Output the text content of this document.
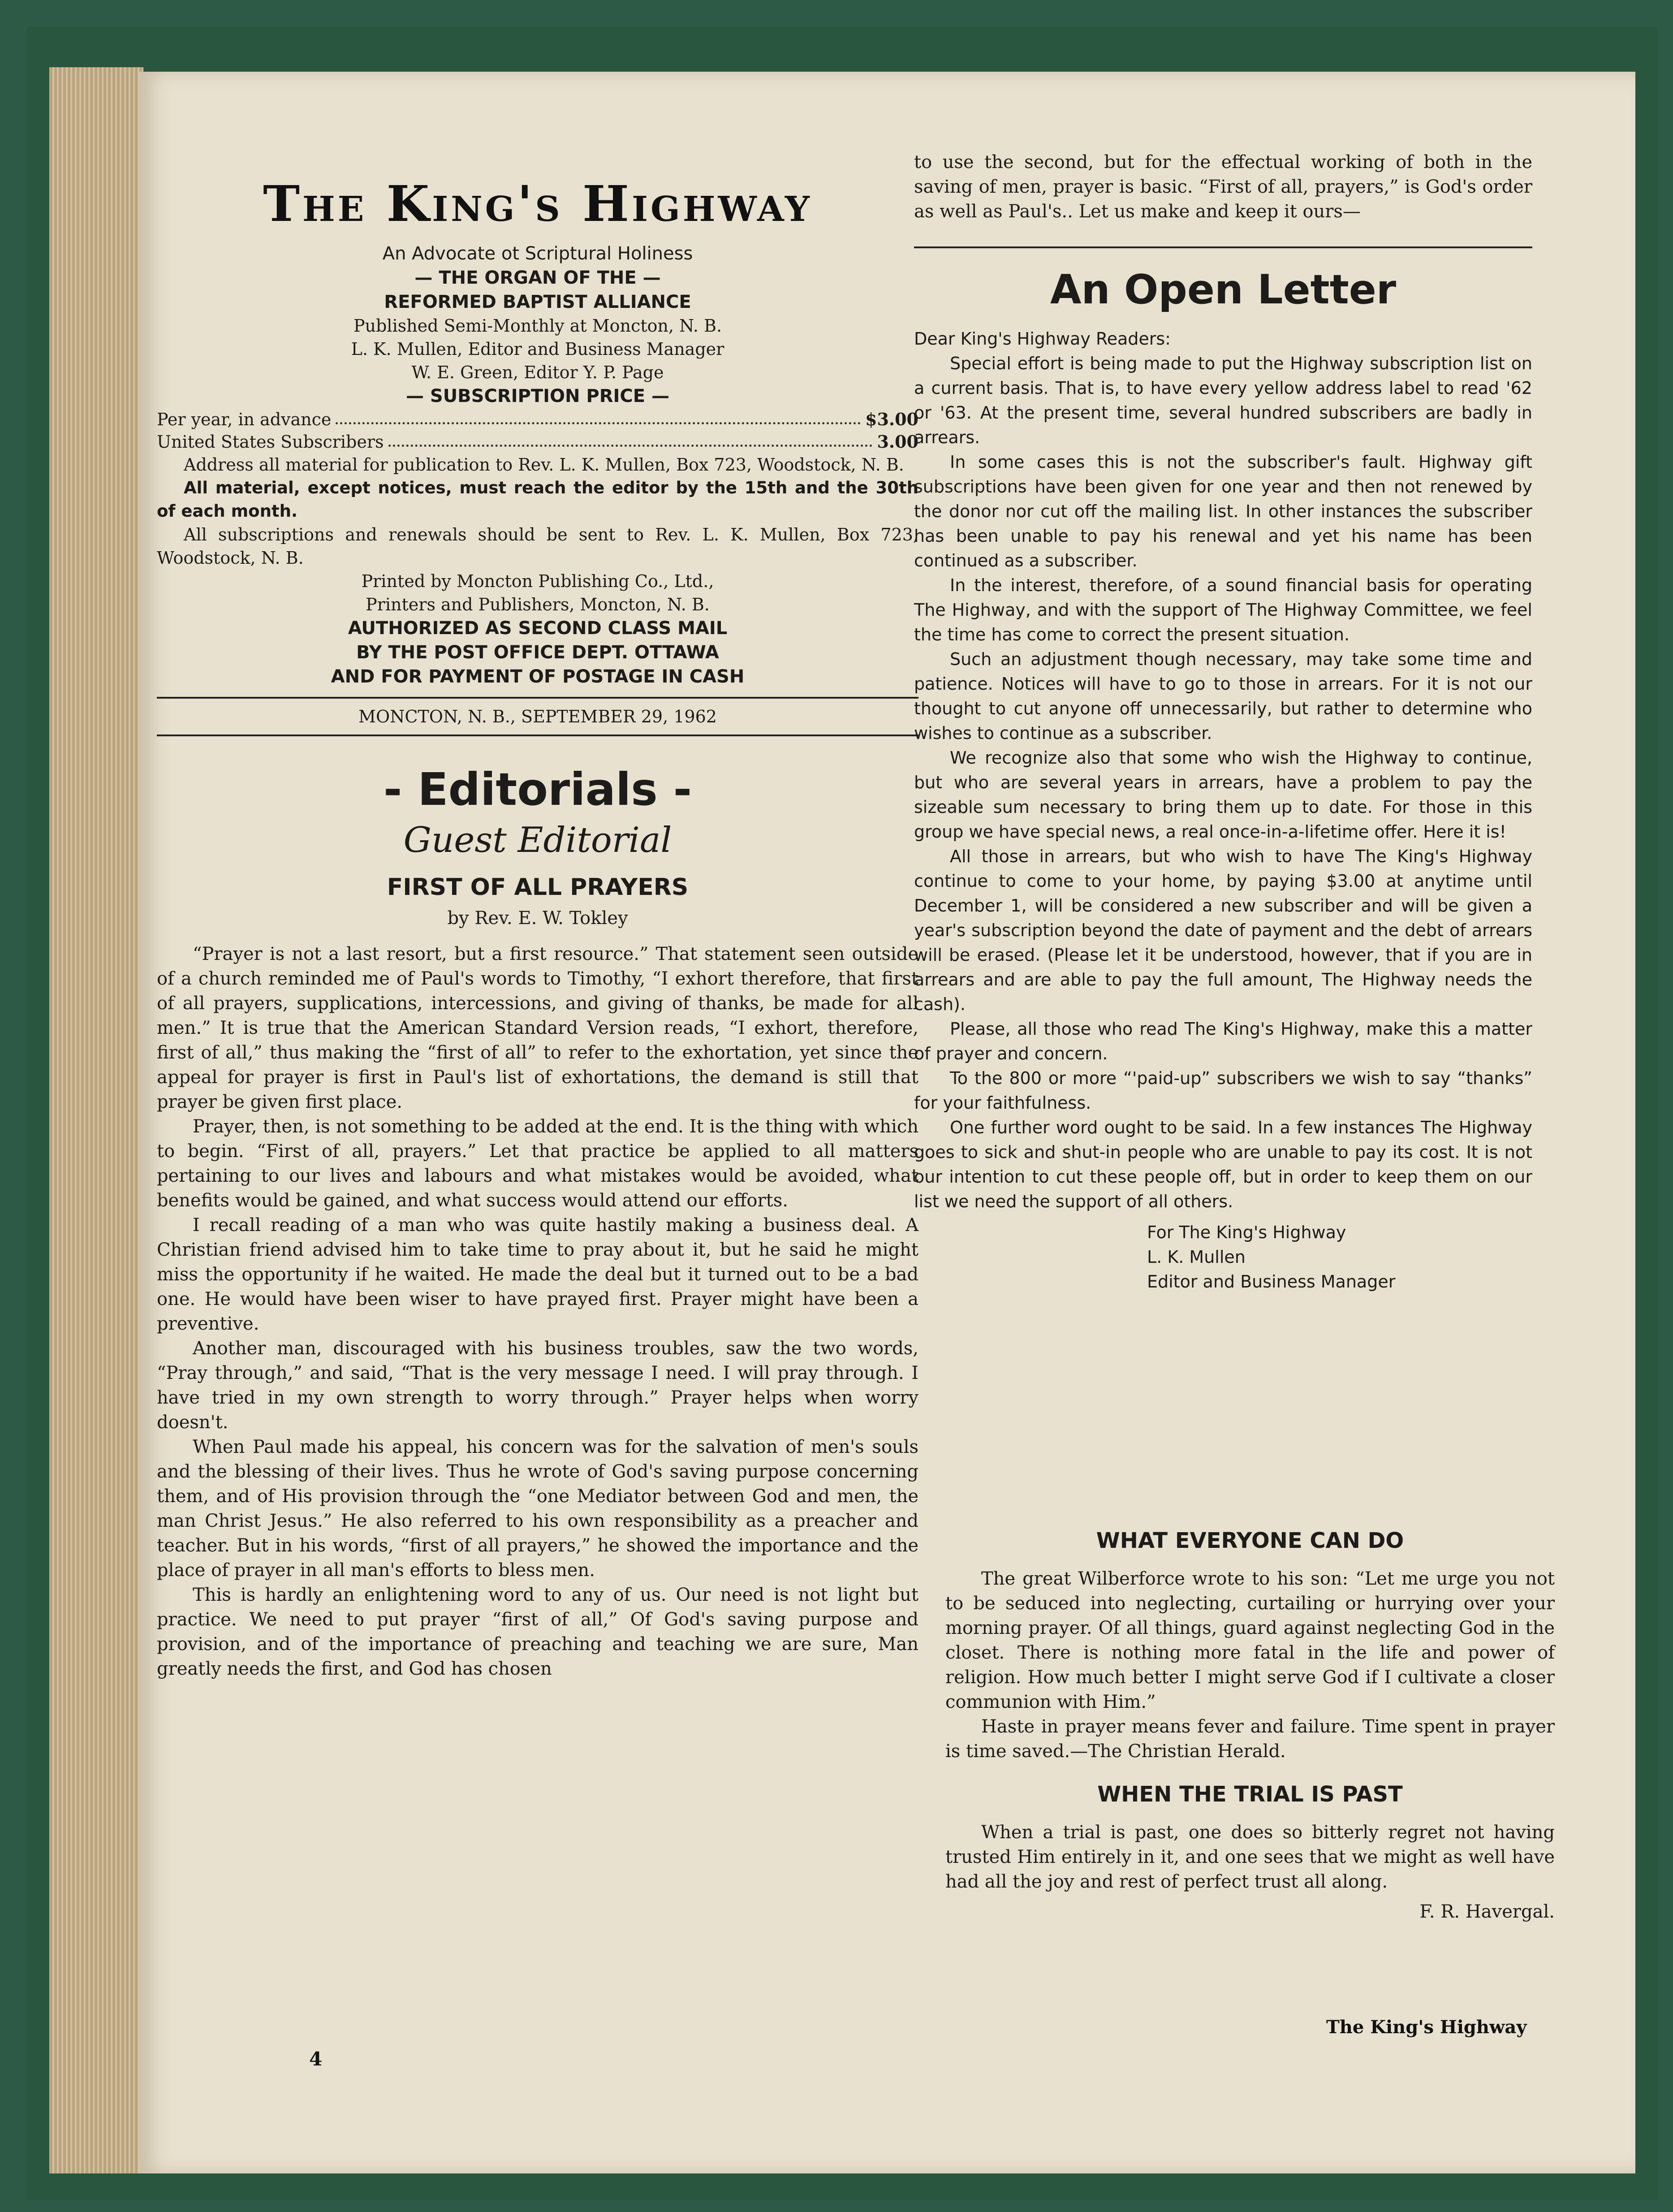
The King's Highway

An Advocate ot Scriptural Holiness

— THE ORGAN OF THE —

REFORMED BAPTIST ALLIANCE

Published Semi-Monthly at Moncton, N. B.

L. K. Mullen, Editor and Business Manager

W. E. Green, Editor Y. P. Page

— SUBSCRIPTION PRICE —

Per year, in advance	$3.00
United States Subscribers	3.00

Address all material for publication to Rev. L. K. Mullen, Box 723, Woodstock, N. B.

All material, except notices, must reach the editor by the 15th and the 30th of each month.

All subscriptions and renewals should be sent to Rev. L. K. Mullen, Box 723, Woodstock, N. B.

Printed by Moncton Publishing Co., Ltd.,

Printers and Publishers, Moncton, N. B.

AUTHORIZED AS SECOND CLASS MAIL

BY THE POST OFFICE DEPT. OTTAWA

AND FOR PAYMENT OF POSTAGE IN CASH

MONCTON, N. B., SEPTEMBER 29, 1962

- Editorials -
Guest Editorial
FIRST OF ALL PRAYERS
by Rev. E. W. Tokley

“Prayer is not a last resort, but a first resource.” That statement seen outside of a church reminded me of Paul's words to Timothy, “I exhort therefore, that first of all prayers, supplications, intercessions, and giving of thanks, be made for all men.” It is true that the American Standard Version reads, “I exhort, therefore, first of all,” thus making the “first of all” to refer to the exhortation, yet since the appeal for prayer is first in Paul's list of exhortations, the demand is still that prayer be given first place.

Prayer, then, is not something to be added at the end. It is the thing with which to begin. “First of all, prayers.” Let that practice be applied to all matters pertaining to our lives and labours and what mistakes would be avoided, what benefits would be gained, and what success would attend our efforts.

I recall reading of a man who was quite hastily making a business deal. A Christian friend advised him to take time to pray about it, but he said he might miss the opportunity if he waited. He made the deal but it turned out to be a bad one. He would have been wiser to have prayed first. Prayer might have been a preventive.

Another man, discouraged with his business troubles, saw the two words, “Pray through,” and said, “That is the very message I need. I will pray through. I have tried in my own strength to worry through.” Prayer helps when worry doesn't.

When Paul made his appeal, his concern was for the salvation of men's souls and the blessing of their lives. Thus he wrote of God's saving purpose concerning them, and of His provision through the “one Mediator between God and men, the man Christ Jesus.” He also referred to his own responsibility as a preacher and teacher. But in his words, “first of all prayers,” he showed the importance and the place of prayer in all man's efforts to bless men.

This is hardly an enlightening word to any of us. Our need is not light but practice. We need to put prayer “first of all,” Of God's saving purpose and provision, and of the importance of preaching and teaching we are sure, Man greatly needs the first, and God has chosen

to use the second, but for the effectual working of both in the saving of men, prayer is basic. “First of all, prayers,” is God's order as well as Paul's.. Let us make and keep it ours—

An Open Letter

Dear King's Highway Readers:

Special effort is being made to put the Highway subscription list on a current basis. That is, to have every yellow address label to read '62 or '63. At the present time, several hundred subscribers are badly in arrears.

In some cases this is not the subscriber's fault. Highway gift subscriptions have been given for one year and then not renewed by the donor nor cut off the mailing list. In other instances the subscriber has been unable to pay his renewal and yet his name has been continued as a subscriber.

In the interest, therefore, of a sound financial basis for operating The Highway, and with the support of The Highway Committee, we feel the time has come to correct the present situation.

Such an adjustment though necessary, may take some time and patience. Notices will have to go to those in arrears. For it is not our thought to cut anyone off unnecessarily, but rather to determine who wishes to continue as a subscriber.

We recognize also that some who wish the Highway to continue, but who are several years in arrears, have a problem to pay the sizeable sum necessary to bring them up to date. For those in this group we have special news, a real once-in-a-lifetime offer. Here it is!

All those in arrears, but who wish to have The King's Highway continue to come to your home, by paying $3.00 at anytime until December 1, will be considered a new subscriber and will be given a year's subscription beyond the date of payment and the debt of arrears will be erased. (Please let it be understood, however, that if you are in arrears and are able to pay the full amount, The Highway needs the cash).

Please, all those who read The King's Highway, make this a matter of prayer and concern.

To the 800 or more “'paid-up” subscribers we wish to say “thanks” for your faithfulness.

One further word ought to be said. In a few instances The Highway goes to sick and shut-in people who are unable to pay its cost. It is not our intention to cut these people off, but in order to keep them on our list we need the support of all others.

For The King's Highway

L. K. Mullen

Editor and Business Manager

WHAT EVERYONE CAN DO

The great Wilberforce wrote to his son: “Let me urge you not to be seduced into neglecting, curtailing or hurrying over your morning prayer. Of all things, guard against neglecting God in the closet. There is nothing more fatal in the life and power of religion. How much better I might serve God if I cultivate a closer communion with Him.”

Haste in prayer means fever and failure. Time spent in prayer is time saved.—The Christian Herald.

WHEN THE TRIAL IS PAST

When a trial is past, one does so bitterly regret not having trusted Him entirely in it, and one sees that we might as well have had all the joy and rest of perfect trust all along.

F. R. Havergal.

The King's Highway
4
